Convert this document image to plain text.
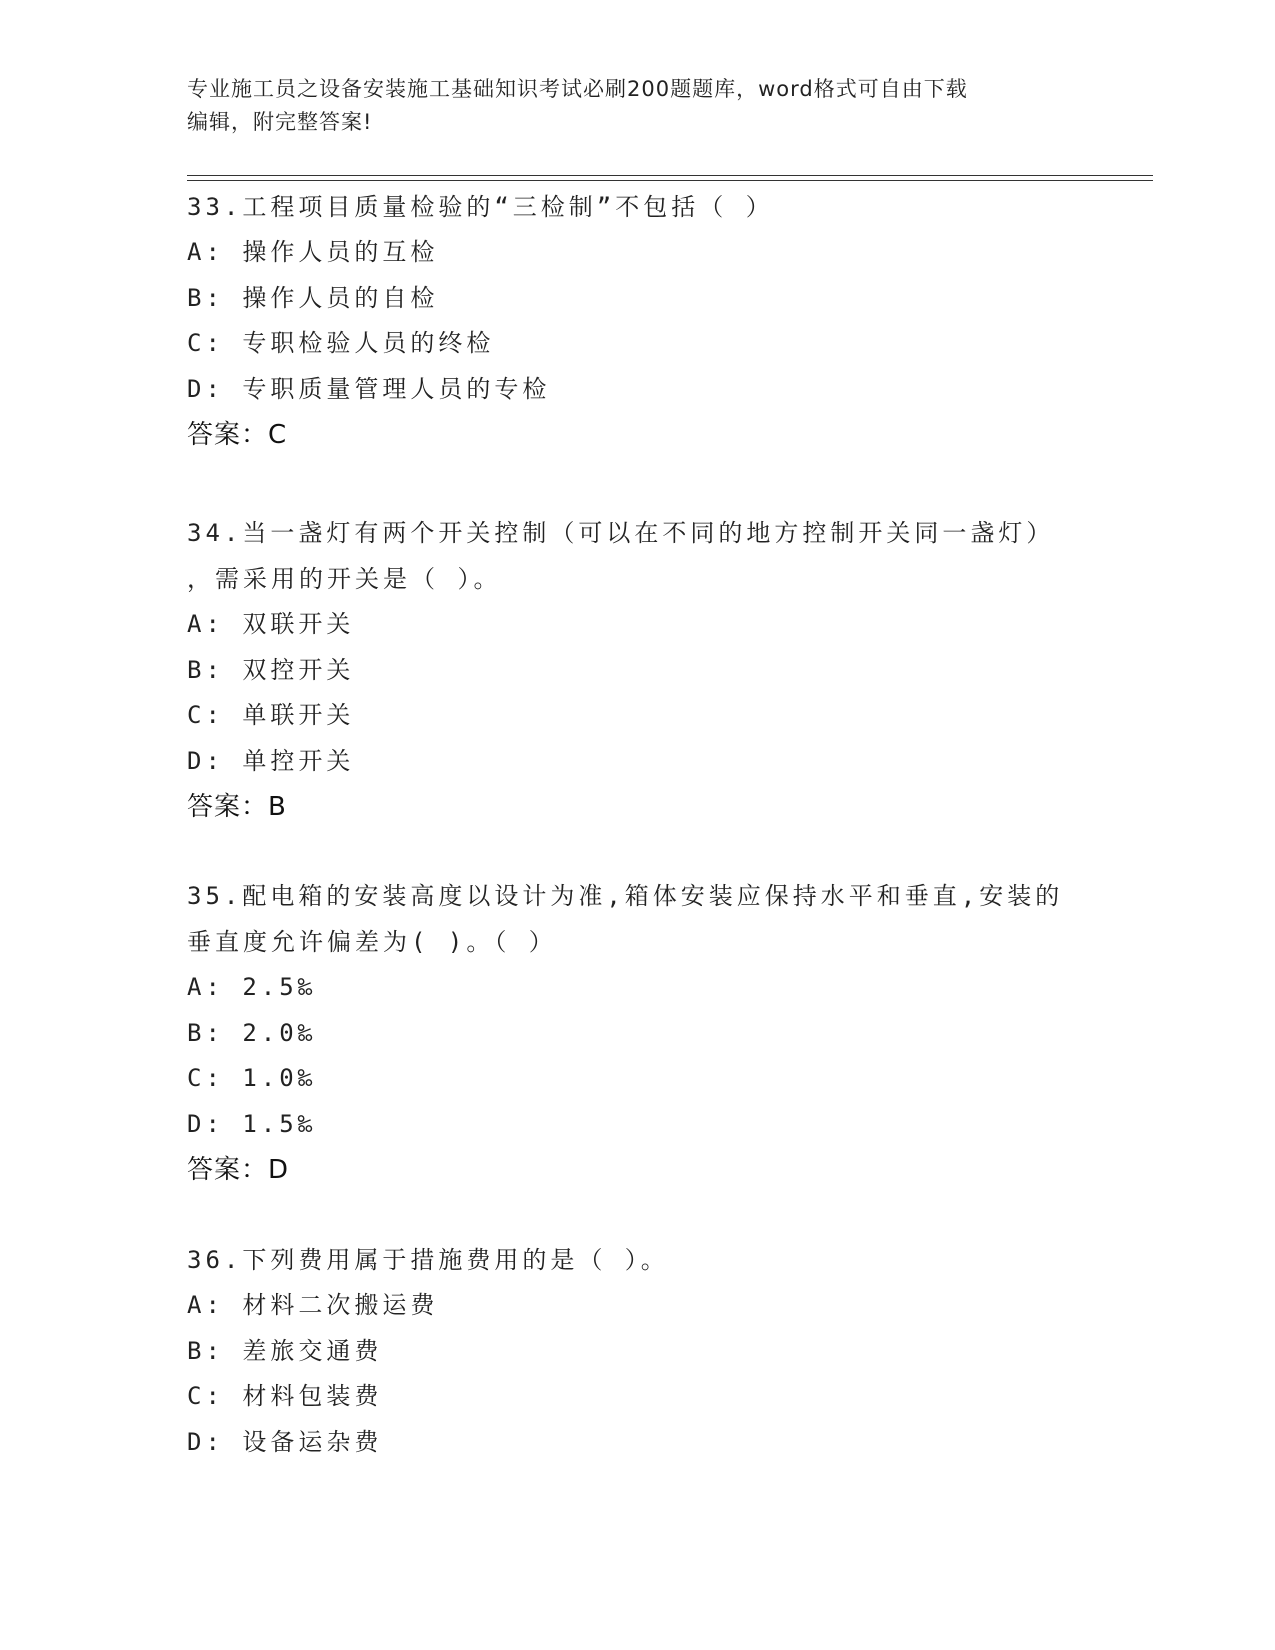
专业施工员之设备安装施工基础知识考试必刷200题题库，word格式可自由下载
编辑，附完整答案!
33.工程项目质量检验的“三检制”不包括（ ）
A: 操作人员的互检
B: 操作人员的自检
C: 专职检验人员的终检
D: 专职质量管理人员的专检
答案：C
34.当一盏灯有两个开关控制（可以在不同的地方控制开关同一盏灯）
，需采用的开关是（ ）。
A: 双联开关
B: 双控开关
C: 单联开关
D: 单控开关
答案：B
35.配电箱的安装高度以设计为准,箱体安装应保持水平和垂直,安装的
垂直度允许偏差为( )。（ ）
A: 2.5‰
B: 2.0‰
C: 1.0‰
D: 1.5‰
答案：D
36.下列费用属于措施费用的是（ ）。
A: 材料二次搬运费
B: 差旅交通费
C: 材料包装费
D: 设备运杂费
